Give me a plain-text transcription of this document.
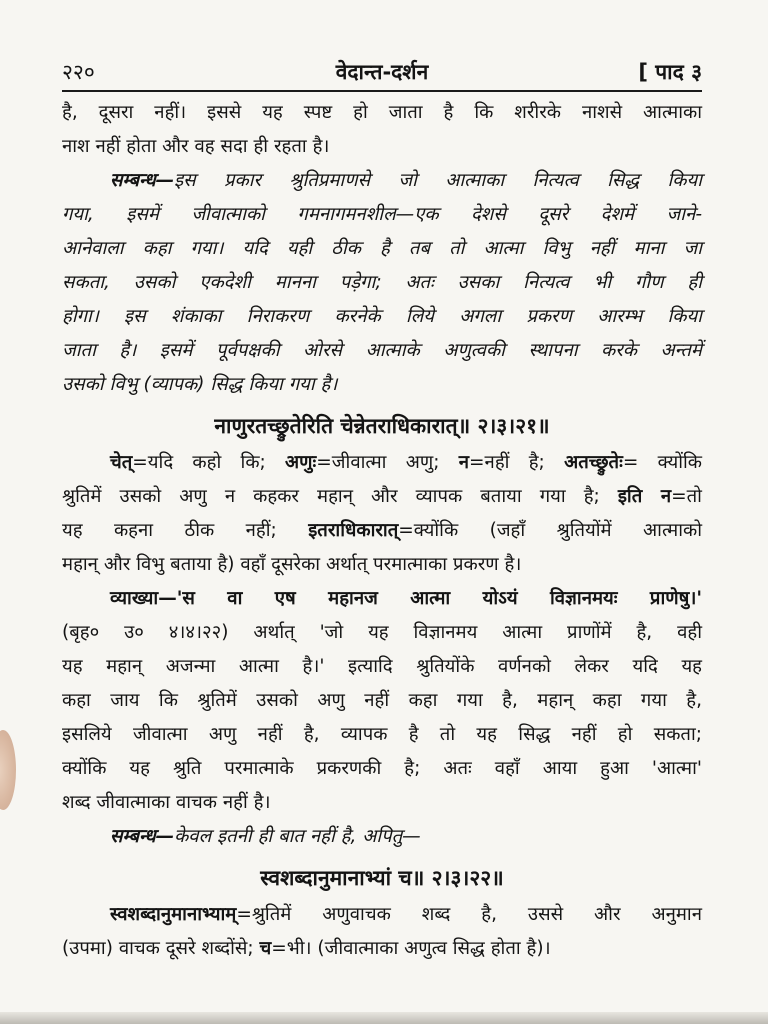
२२०	वेदान्त-दर्शन	[ पाद ३
है, दूसरा नहीं। इससे यह स्पष्ट हो जाता है कि शरीरके नाशसे आत्माका
नाश नहीं होता और वह सदा ही रहता है।
सम्बन्ध—इस प्रकार श्रुतिप्रमाणसे जो आत्माका नित्यत्व सिद्ध किया
गया, इसमें जीवात्माको गमनागमनशील—एक देशसे दूसरे देशमें जाने-
आनेवाला कहा गया। यदि यही ठीक है तब तो आत्मा विभु नहीं माना जा
सकता, उसको एकदेशी मानना पड़ेगा; अतः उसका नित्यत्व भी गौण ही
होगा। इस शंकाका निराकरण करनेके लिये अगला प्रकरण आरम्भ किया
जाता है। इसमें पूर्वपक्षकी ओरसे आत्माके अणुत्वकी स्थापना करके अन्तमें
उसको विभु (व्यापक) सिद्ध किया गया है।
नाणुरतच्छ्रुतेरिति चेन्नेतराधिकारात्॥ २।३।२१॥
चेत्=यदि कहो कि; अणुः=जीवात्मा अणु; न=नहीं है; अतच्छ्रुतेः= क्योंकि
श्रुतिमें उसको अणु न कहकर महान् और व्यापक बताया गया है; इति न=तो
यह कहना ठीक नहीं; इतराधिकारात्=क्योंकि (जहाँ श्रुतियोंमें आत्माको
महान् और विभु बताया है) वहाँ दूसरेका अर्थात् परमात्माका प्रकरण है।
व्याख्या—'स वा एष महानज आत्मा योऽयं विज्ञानमयः प्राणेषु।'
(बृह० उ० ४।४।२२) अर्थात् 'जो यह विज्ञानमय आत्मा प्राणोंमें है, वही
यह महान् अजन्मा आत्मा है।' इत्यादि श्रुतियोंके वर्णनको लेकर यदि यह
कहा जाय कि श्रुतिमें उसको अणु नहीं कहा गया है, महान् कहा गया है,
इसलिये जीवात्मा अणु नहीं है, व्यापक है तो यह सिद्ध नहीं हो सकता;
क्योंकि यह श्रुति परमात्माके प्रकरणकी है; अतः वहाँ आया हुआ 'आत्मा'
शब्द जीवात्माका वाचक नहीं है।
सम्बन्ध—केवल इतनी ही बात नहीं है, अपितु—
स्वशब्दानुमानाभ्यां च॥ २।३।२२॥
स्वशब्दानुमानाभ्याम्=श्रुतिमें अणुवाचक शब्द है, उससे और अनुमान
(उपमा) वाचक दूसरे शब्दोंसे; च=भी। (जीवात्माका अणुत्व सिद्ध होता है)।
